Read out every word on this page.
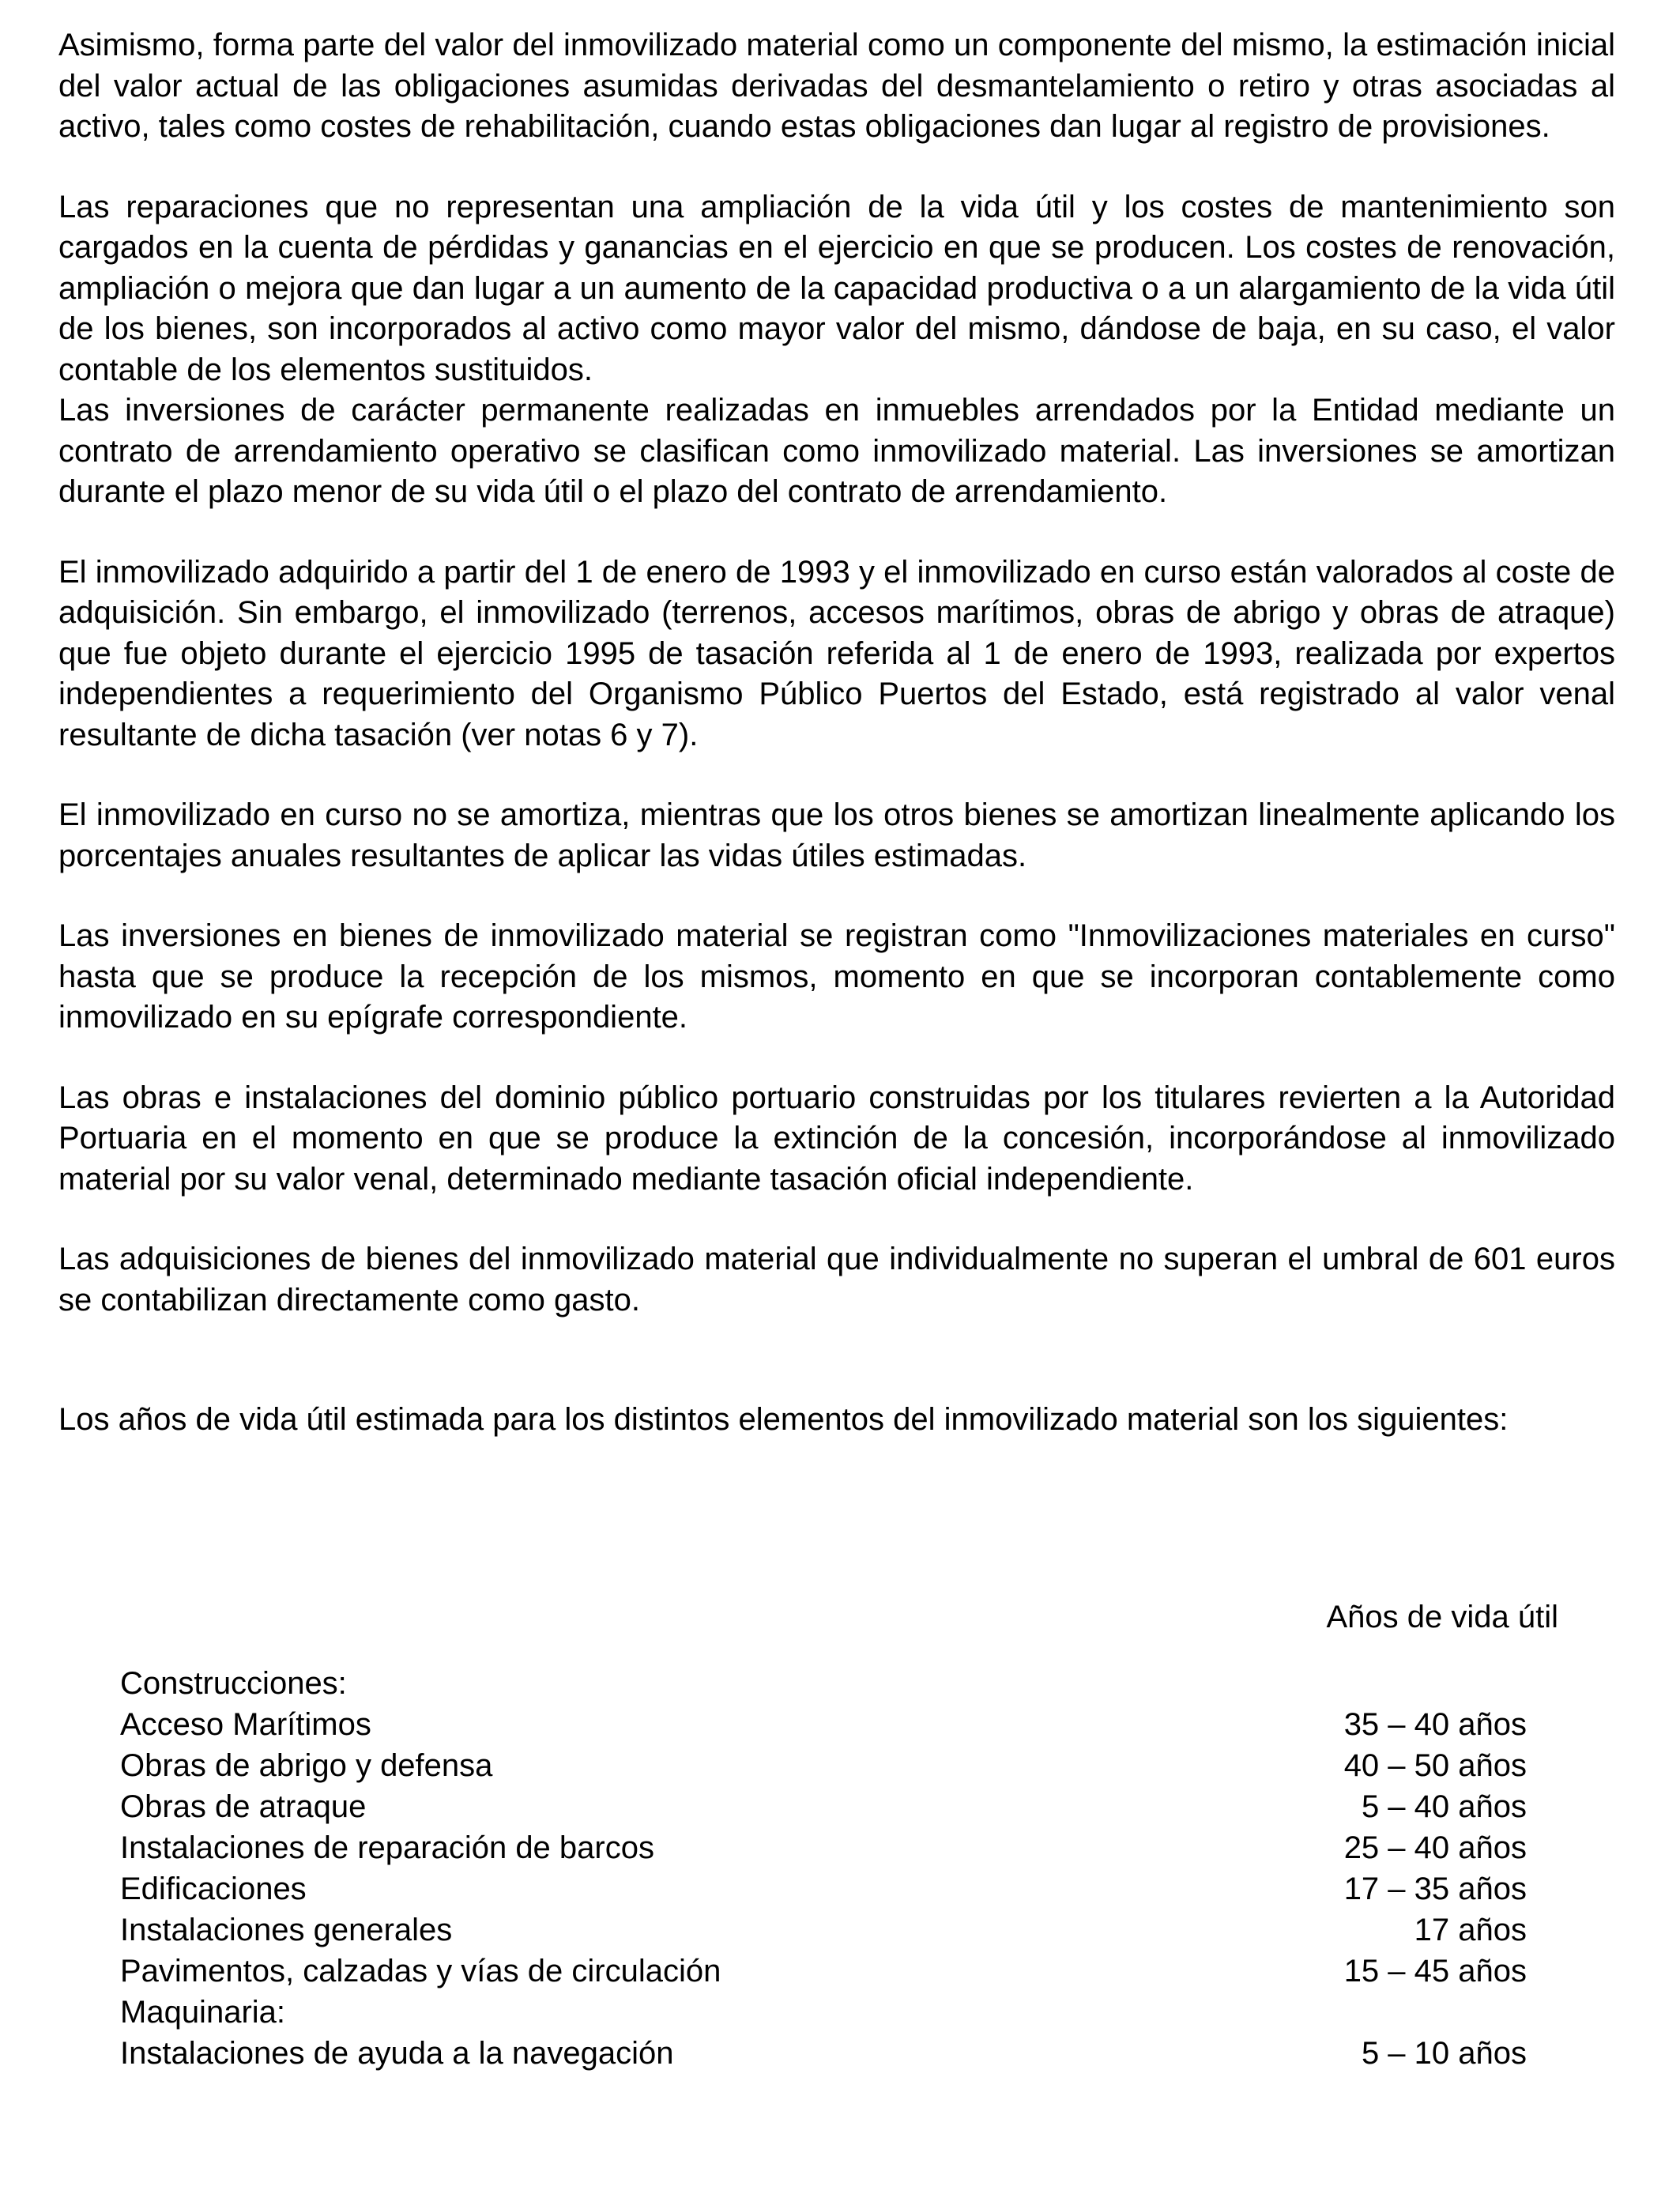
Asimismo, forma parte del valor del inmovilizado material como un componente del mismo, la estimación inicial del valor actual de las obligaciones asumidas derivadas del desmantelamiento o retiro y otras asociadas al activo, tales como costes de rehabilitación, cuando estas obligaciones dan lugar al registro de provisiones.

Las reparaciones que no representan una ampliación de la vida útil y los costes de mantenimiento son cargados en la cuenta de pérdidas y ganancias en el ejercicio en que se producen. Los costes de renovación, ampliación o mejora que dan lugar a un aumento de la capacidad productiva o a un alargamiento de la vida útil de los bienes, son incorporados al activo como mayor valor del mismo, dándose de baja, en su caso, el valor contable de los elementos sustituidos.

Las inversiones de carácter permanente realizadas en inmuebles arrendados por la Entidad mediante un contrato de arrendamiento operativo se clasifican como inmovilizado material. Las inversiones se amortizan durante el plazo menor de su vida útil o el plazo del contrato de arrendamiento.

El inmovilizado adquirido a partir del 1 de enero de 1993 y el inmovilizado en curso están valorados al coste de adquisición. Sin embargo, el inmovilizado (terrenos, accesos marítimos, obras de abrigo y obras de atraque) que fue objeto durante el ejercicio 1995 de tasación referida al 1 de enero de 1993, realizada por expertos independientes a requerimiento del Organismo Público Puertos del Estado, está registrado al valor venal resultante de dicha tasación (ver notas 6 y 7).

El inmovilizado en curso no se amortiza, mientras que los otros bienes se amortizan linealmente aplicando los porcentajes anuales resultantes de aplicar las vidas útiles estimadas.

Las inversiones en bienes de inmovilizado material se registran como "Inmovilizaciones materiales en curso" hasta que se produce la recepción de los mismos, momento en que se incorporan contablemente como inmovilizado en su epígrafe correspondiente.

Las obras e instalaciones del dominio público portuario construidas por los titulares revierten a la Autoridad Portuaria en el momento en que se produce la extinción de la concesión, incorporándose al inmovilizado material por su valor venal, determinado mediante tasación oficial independiente.

Las adquisiciones de bienes del inmovilizado material que individualmente no superan el umbral de 601 euros se contabilizan directamente como gasto.

Los años de vida útil estimada para los distintos elementos del inmovilizado material son los siguientes:

Años de vida útil
Construcciones:
Acceso Marítimos	35 – 40 años
Obras de abrigo y defensa	40 – 50 años
Obras de atraque	5 – 40 años
Instalaciones de reparación de barcos	25 – 40 años
Edificaciones	17 – 35 años
Instalaciones generales	17 años
Pavimentos, calzadas y vías de circulación	15 – 45 años
Maquinaria:
Instalaciones de ayuda a la navegación	5 – 10 años
